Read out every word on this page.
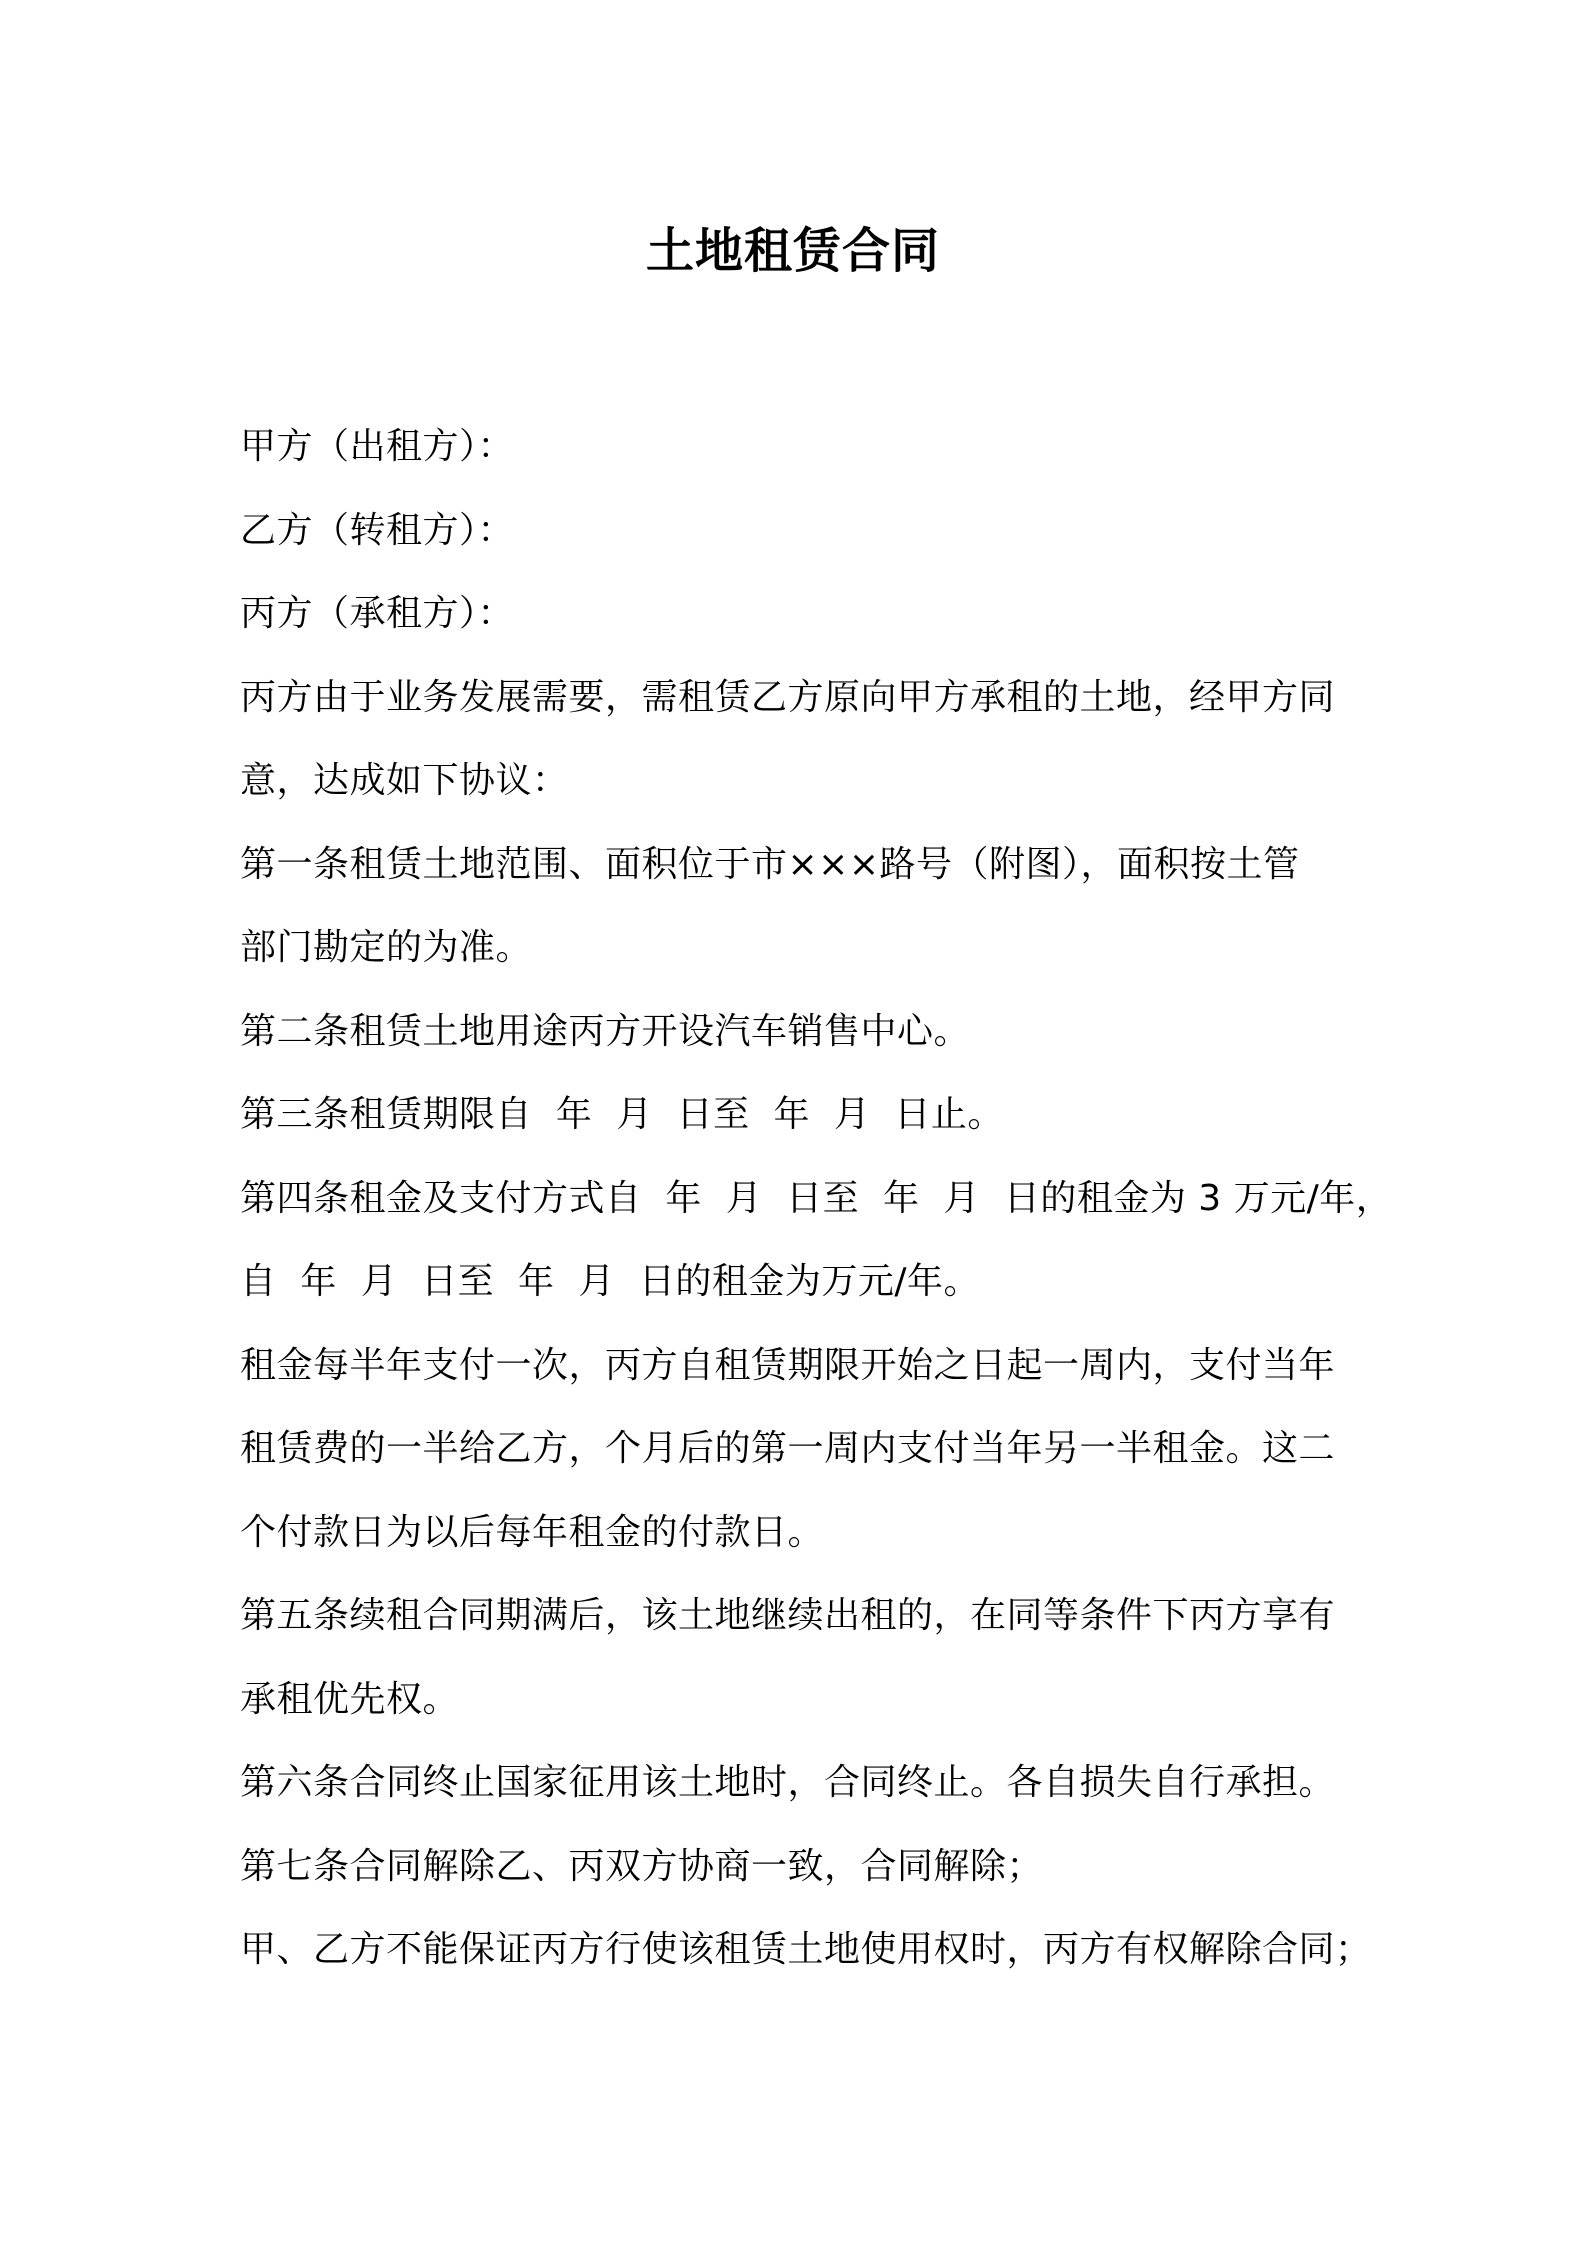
土地租赁合同
甲方（出租方）：
乙方（转租方）：
丙方（承租方）：
丙方由于业务发展需要，需租赁乙方原向甲方承租的土地，经甲方同
意，达成如下协议：
第一条租赁土地范围、面积位于市×××路号（附图），面积按土管
部门勘定的为准。
第二条租赁土地用途丙方开设汽车销售中心。
第三条租赁期限自  年  月  日至  年  月  日止。
第四条租金及支付方式自  年  月  日至  年  月  日的租金为 3 万元/年，
自  年  月  日至  年  月  日的租金为万元/年。
租金每半年支付一次，丙方自租赁期限开始之日起一周内，支付当年
租赁费的一半给乙方，个月后的第一周内支付当年另一半租金。这二
个付款日为以后每年租金的付款日。
第五条续租合同期满后，该土地继续出租的，在同等条件下丙方享有
承租优先权。
第六条合同终止国家征用该土地时，合同终止。各自损失自行承担。
第七条合同解除乙、丙双方协商一致，合同解除；
甲、乙方不能保证丙方行使该租赁土地使用权时，丙方有权解除合同；
